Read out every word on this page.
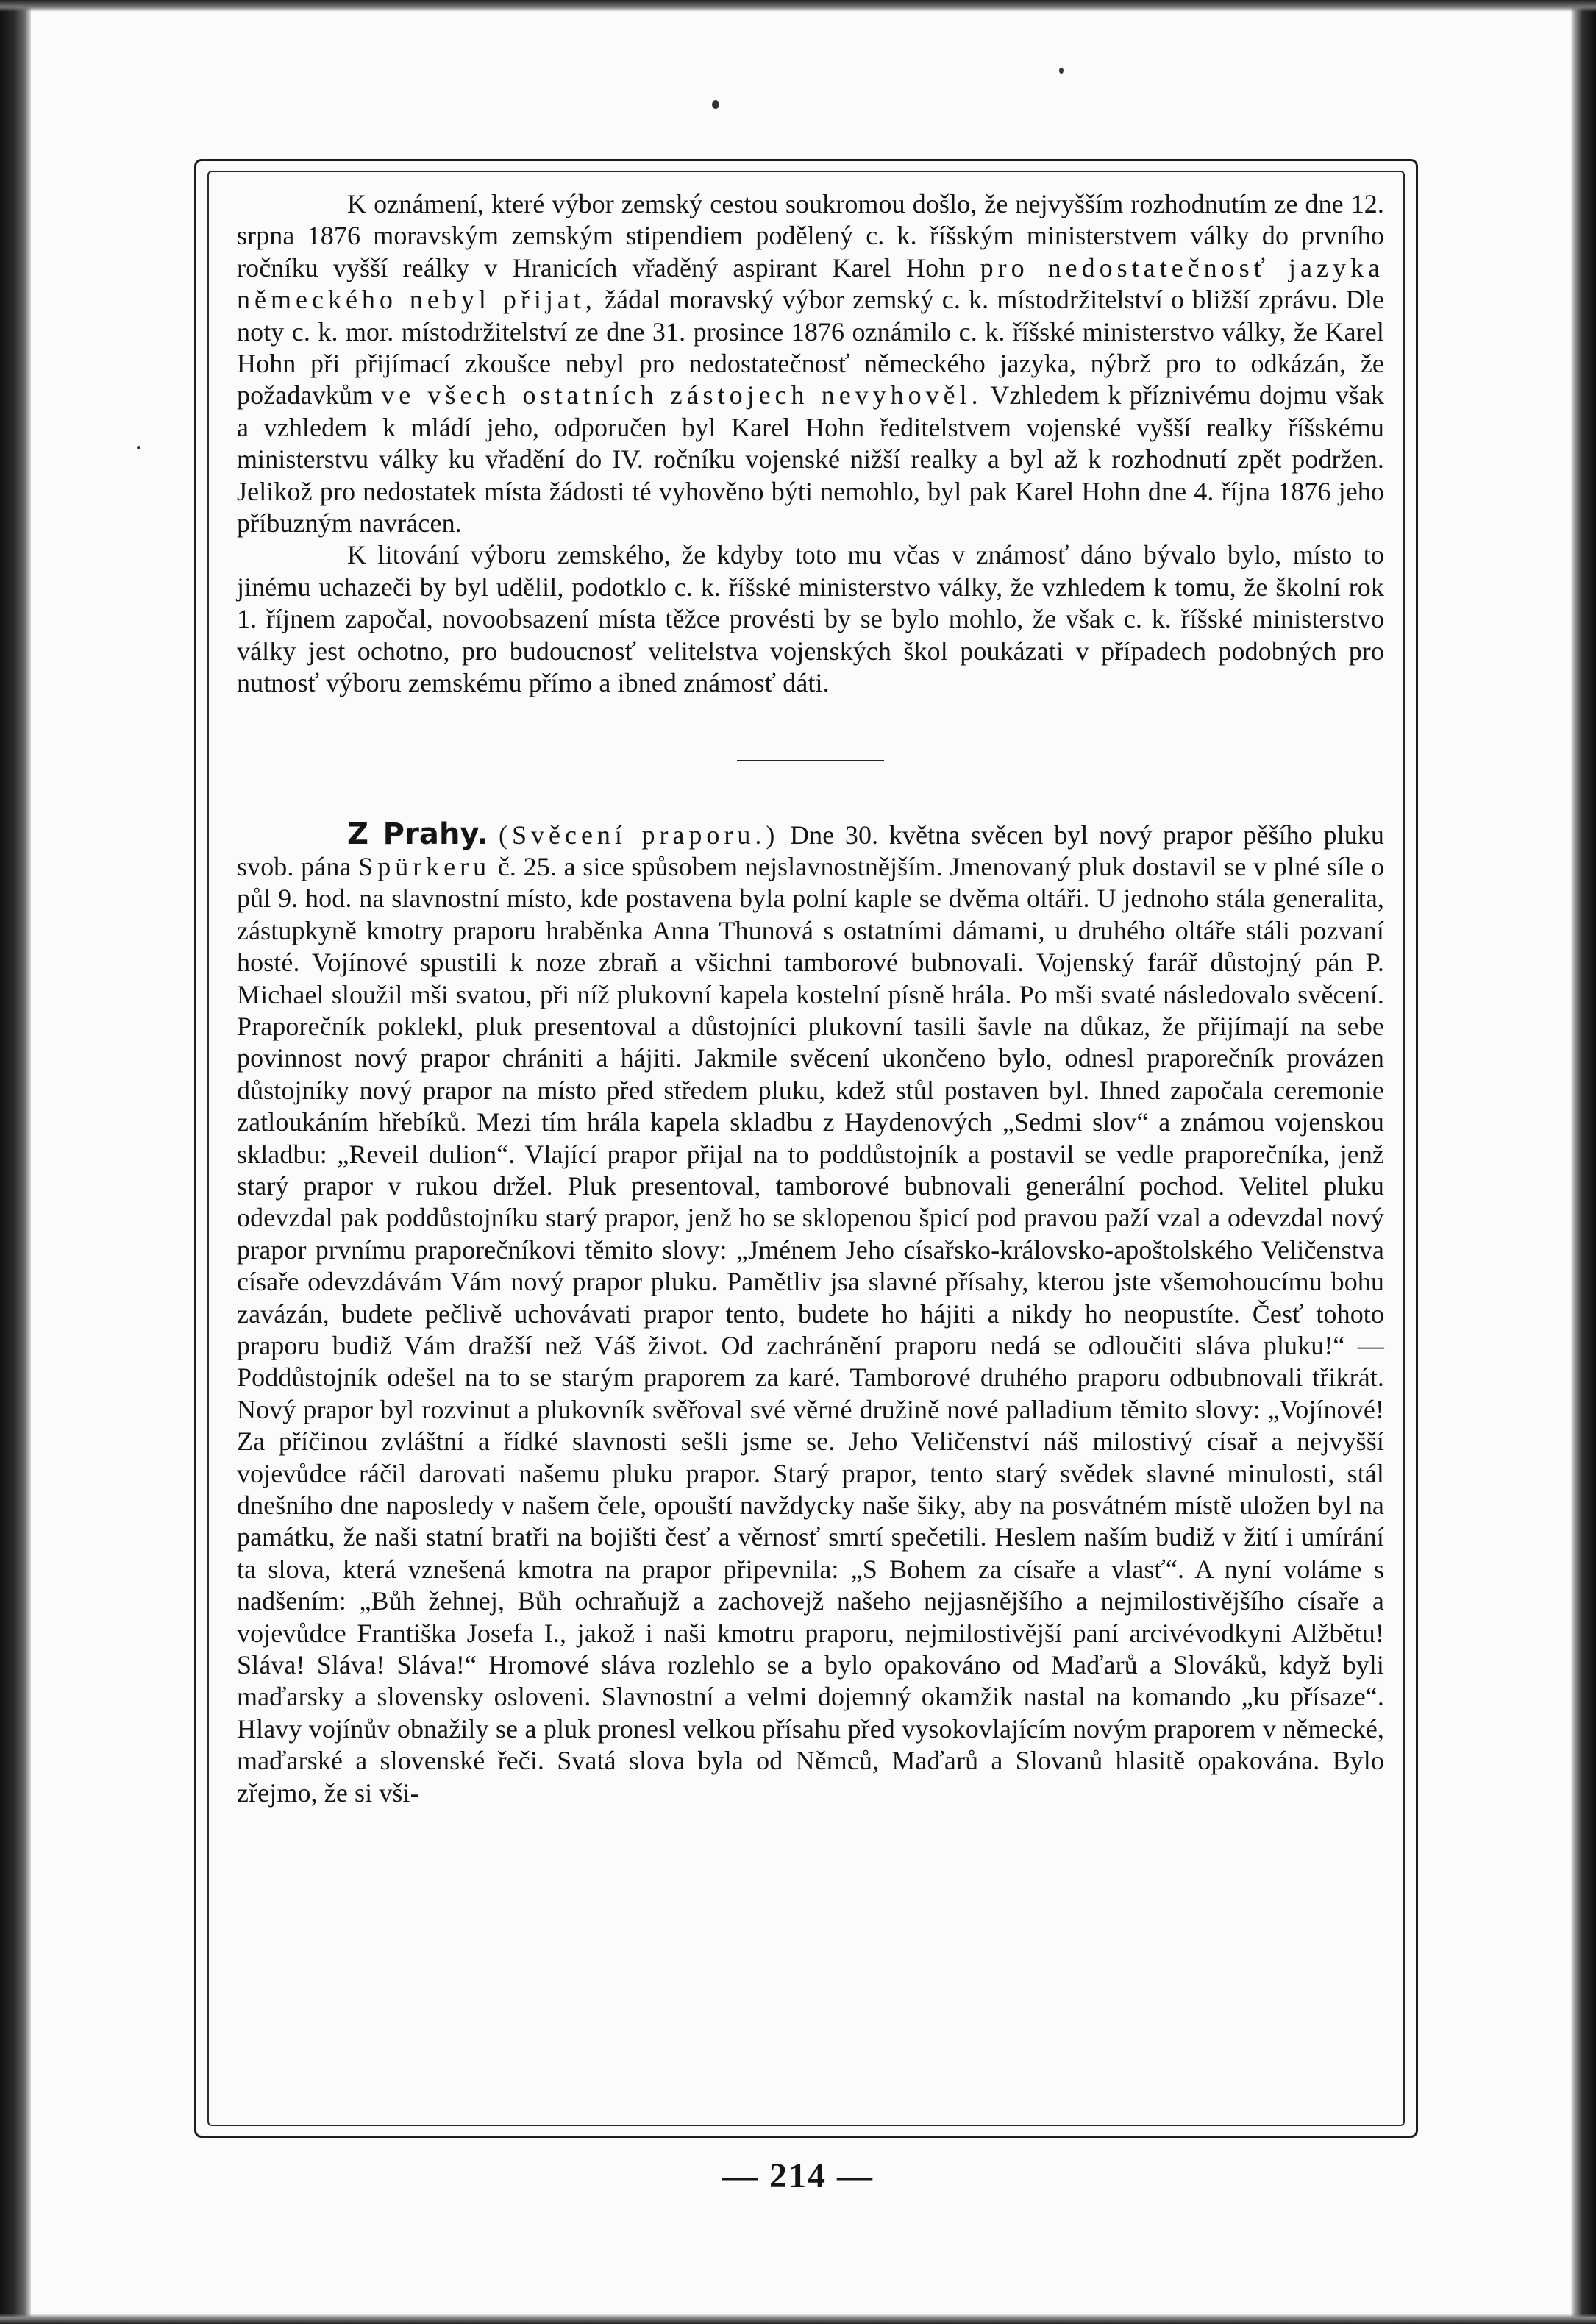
K oznámení, které výbor zemský cestou soukromou došlo, že nejvyšším rozhodnutím ze dne 12. srpna 1876 moravským zemským stipendiem podělený c. k. říšským ministerstvem války do prvního ročníku vyšší reálky v Hranicích vřaděný aspirant Karel Hohn pro nedostatečnosť jazyka německého nebyl přijat, žádal moravský výbor zemský c. k. místodržitelství o bližší zprávu. Dle noty c. k. mor. místodržitelství ze dne 31. prosince 1876 oznámilo c. k. říšské ministerstvo války, že Karel Hohn při přijímací zkoušce nebyl pro nedostatečnosť německého jazyka, nýbrž pro to odkázán, že požadavkům ve všech ostatních zástojech nevyhověl. Vzhledem k příznivému dojmu však a vzhledem k mládí jeho, odporučen byl Karel Hohn ředitelstvem vojenské vyšší realky říšskému ministerstvu války ku vřadění do IV. ročníku vojenské nižší realky a byl až k rozhodnutí zpět podržen. Jelikož pro nedostatek místa žádosti té vyhověno býti nemohlo, byl pak Karel Hohn dne 4. října 1876 jeho příbuzným navrácen.

K litování výboru zemského, že kdyby toto mu včas v známosť dáno bývalo bylo, místo to jinému uchazeči by byl udělil, podotklo c. k. říšské ministerstvo války, že vzhledem k tomu, že školní rok 1. říjnem započal, novoobsazení místa těžce provésti by se bylo mohlo, že však c. k. říšské ministerstvo války jest ochotno, pro budoucnosť velitelstva vojenských škol poukázati v případech podobných pro nutnosť výboru zemskému přímo a ibned známosť dáti.

Z Prahy. (Svěcení praporu.) Dne 30. května svěcen byl nový prapor pěšího pluku svob. pána Spürkeru č. 25. a sice spůsobem nejslavnostnějším. Jmenovaný pluk dostavil se v plné síle o půl 9. hod. na slavnostní místo, kde postavena byla polní kaple se dvěma oltáři. U jednoho stála generalita, zástupkyně kmotry praporu hraběnka Anna Thunová s ostatními dámami, u druhého oltáře stáli pozvaní hosté. Vojínové spustili k noze zbraň a všichni tamborové bubnovali. Vojenský farář důstojný pán P. Michael sloužil mši svatou, při níž plukovní kapela kostelní písně hrála. Po mši svaté následovalo svěcení. Praporečník poklekl, pluk presentoval a důstojníci plukovní tasili šavle na důkaz, že přijímají na sebe povinnost nový prapor chrániti a hájiti. Jakmile svěcení ukončeno bylo, odnesl praporečník provázen důstojníky nový prapor na místo před středem pluku, kdež stůl postaven byl. Ihned započala ceremonie zatloukáním hřebíků. Mezi tím hrála kapela skladbu z Haydenových „Sedmi slov“ a známou vojenskou skladbu: „Reveil dulion“. Vlající prapor přijal na to poddůstojník a postavil se vedle praporečníka, jenž starý prapor v rukou držel. Pluk presentoval, tamborové bubnovali generální pochod. Velitel pluku odevzdal pak poddůstojníku starý prapor, jenž ho se sklopenou špicí pod pravou paží vzal a odevzdal nový prapor prvnímu praporečníkovi těmito slovy: „Jménem Jeho císařsko-královsko-apoštolského Veličenstva císaře odevzdávám Vám nový prapor pluku. Pamětliv jsa slavné přísahy, kterou jste všemohoucímu bohu zavázán, budete pečlivě uchovávati prapor tento, budete ho hájiti a nikdy ho neopustíte. Česť tohoto praporu budiž Vám dražší než Váš život. Od zachránění praporu nedá se odloučiti sláva pluku!“ — Poddůstojník odešel na to se starým praporem za karé. Tamborové druhého praporu odbubnovali třikrát. Nový prapor byl rozvinut a plukovník svěřoval své věrné družině nové palladium těmito slovy: „Vojínové! Za příčinou zvláštní a řídké slavnosti sešli jsme se. Jeho Veličenství náš milostivý císař a nejvyšší vojevůdce ráčil darovati našemu pluku prapor. Starý prapor, tento starý svědek slavné minulosti, stál dnešního dne naposledy v našem čele, opouští navždycky naše šiky, aby na posvátném místě uložen byl na památku, že naši statní bratři na bojišti česť a věrnosť smrtí spečetili. Heslem naším budiž v žití i umírání ta slova, která vznešená kmotra na prapor připevnila: „S Bohem za císaře a vlasť“. A nyní voláme s nadšením: „Bůh žehnej, Bůh ochraňujž a zachovejž našeho nejjasnějšího a nejmilostivějšího císaře a vojevůdce Františka Josefa I., jakož i naši kmotru praporu, nejmilostivější paní arcivévodkyni Alžbětu! Sláva! Sláva! Sláva!“ Hromové sláva rozlehlo se a bylo opakováno od Maďarů a Slováků, když byli maďarsky a slovensky osloveni. Slavnostní a velmi dojemný okamžik nastal na komando „ku přísaze“. Hlavy vojínův obnažily se a pluk pronesl velkou přísahu před vysokovlajícím novým praporem v německé, maďarské a slovenské řeči. Svatá slova byla od Němců, Maďarů a Slovanů hlasitě opakována. Bylo zřejmo, že si vši-

— 214 —
